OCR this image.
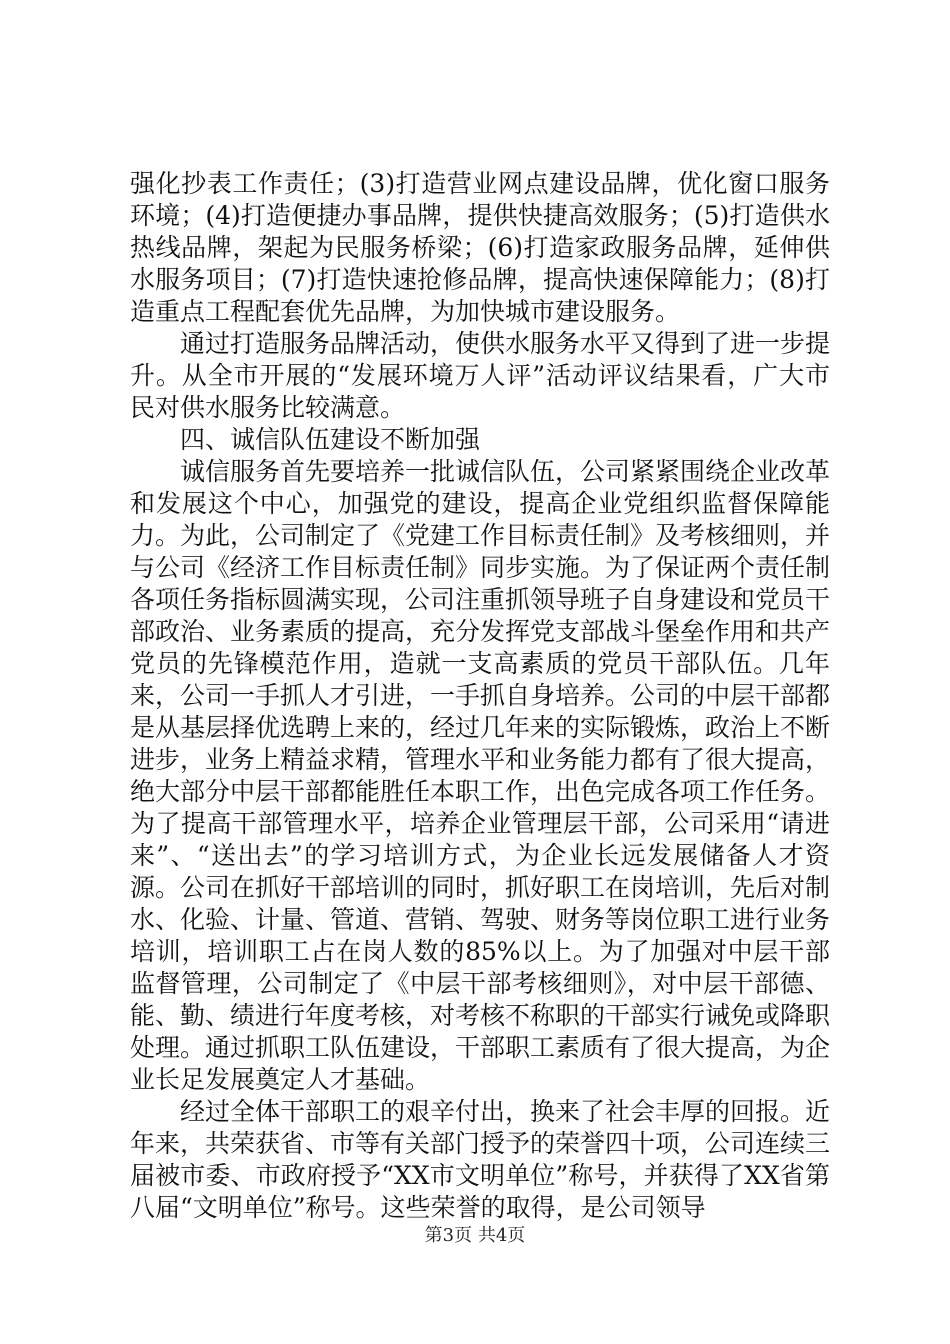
强化抄表工作责任；(3)打造营业网点建设品牌，优化窗口服务环境；(4)打造便捷办事品牌，提供快捷高效服务；(5)打造供水热线品牌，架起为民服务桥梁；(6)打造家政服务品牌，延伸供水服务项目；(7)打造快速抢修品牌，提高快速保障能力；(8)打造重点工程配套优先品牌，为加快城市建设服务。

通过打造服务品牌活动，使供水服务水平又得到了进一步提升。从全市开展的“发展环境万人评”活动评议结果看，广大市民对供水服务比较满意。

四、诚信队伍建设不断加强

诚信服务首先要培养一批诚信队伍，公司紧紧围绕企业改革和发展这个中心，加强党的建设，提高企业党组织监督保障能力。为此，公司制定了《党建工作目标责任制》及考核细则，并与公司《经济工作目标责任制》同步实施。为了保证两个责任制各项任务指标圆满实现，公司注重抓领导班子自身建设和党员干部政治、业务素质的提高，充分发挥党支部战斗堡垒作用和共产党员的先锋模范作用，造就一支高素质的党员干部队伍。几年来，公司一手抓人才引进，一手抓自身培养。公司的中层干部都是从基层择优选聘上来的，经过几年来的实际锻炼，政治上不断进步，业务上精益求精，管理水平和业务能力都有了很大提高，绝大部分中层干部都能胜任本职工作，出色完成各项工作任务。为了提高干部管理水平，培养企业管理层干部，公司采用“请进来”、“送出去”的学习培训方式，为企业长远发展储备人才资源。公司在抓好干部培训的同时，抓好职工在岗培训，先后对制水、化验、计量、管道、营销、驾驶、财务等岗位职工进行业务培训，培训职工占在岗人数的85%以上。为了加强对中层干部监督管理，公司制定了《中层干部考核细则》，对中层干部德、能、勤、绩进行年度考核，对考核不称职的干部实行诫免或降职处理。通过抓职工队伍建设，干部职工素质有了很大提高，为企业长足发展奠定人才基础。

经过全体干部职工的艰辛付出，换来了社会丰厚的回报。近年来，共荣获省、市等有关部门授予的荣誉四十项，公司连续三届被市委、市政府授予“XX市文明单位”称号，并获得了XX省第八届“文明单位”称号。这些荣誉的取得，是公司领导

第3页 共4页
